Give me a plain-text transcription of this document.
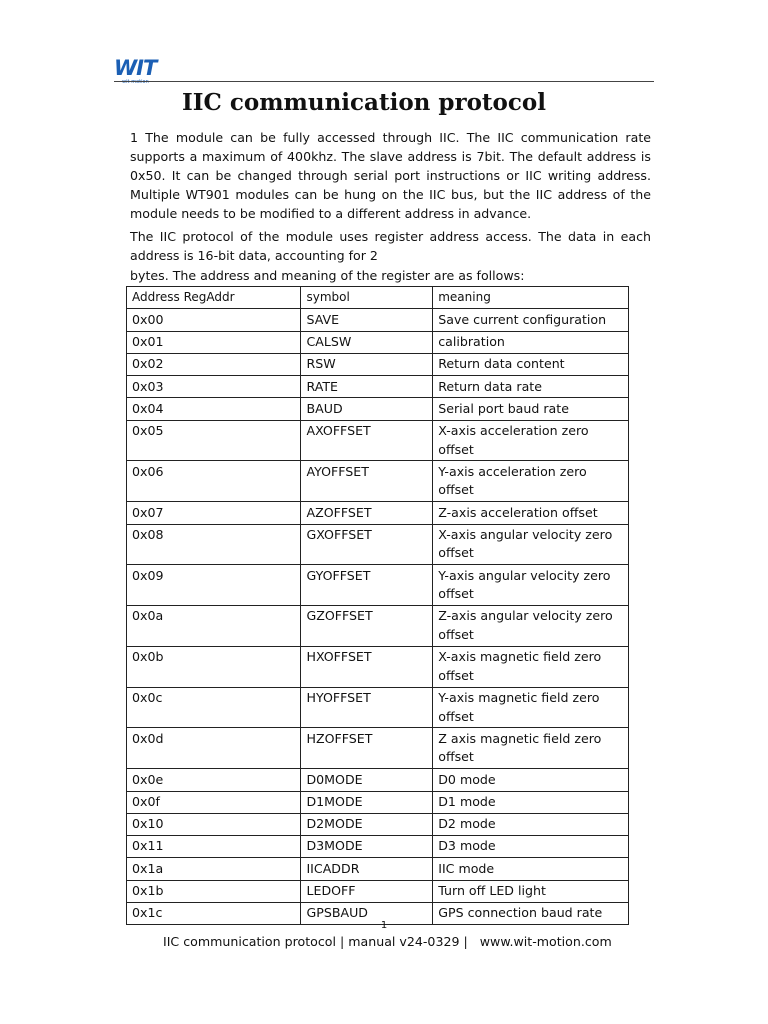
WIT
wit-motion
IIC communication protocol
1 The module can be fully accessed through IIC. The IIC communication rate supports a maximum of 400khz. The slave address is 7bit. The default address is 0x50. It can be changed through serial port instructions or IIC writing address. Multiple WT901 modules can be hung on the IIC bus, but the IIC address of the module needs to be modified to a different address in advance.
The IIC protocol of the module uses register address access. The data in each address is 16-bit data, accounting for 2
bytes. The address and meaning of the register are as follows:
Address RegAddr	symbol	meaning
0x00	SAVE	Save current configuration
0x01	CALSW	calibration
0x02	RSW	Return data content
0x03	RATE	Return data rate
0x04	BAUD	Serial port baud rate
0x05	AXOFFSET	X-axis acceleration zero offset
0x06	AYOFFSET	Y-axis acceleration zero offset
0x07	AZOFFSET	Z-axis acceleration offset
0x08	GXOFFSET	X-axis angular velocity zero offset
0x09	GYOFFSET	Y-axis angular velocity zero offset
0x0a	GZOFFSET	Z-axis angular velocity zero offset
0x0b	HXOFFSET	X-axis magnetic field zero offset
0x0c	HYOFFSET	Y-axis magnetic field zero offset
0x0d	HZOFFSET	Z axis magnetic field zero offset
0x0e	D0MODE	D0 mode
0x0f	D1MODE	D1 mode
0x10	D2MODE	D2 mode
0x11	D3MODE	D3 mode
0x1a	IICADDR	IIC mode
0x1b	LEDOFF	Turn off LED light
0x1c	GPSBAUD	GPS connection baud rate
1
IIC communication protocol | manual v24-0329 |   www.wit-motion.com
